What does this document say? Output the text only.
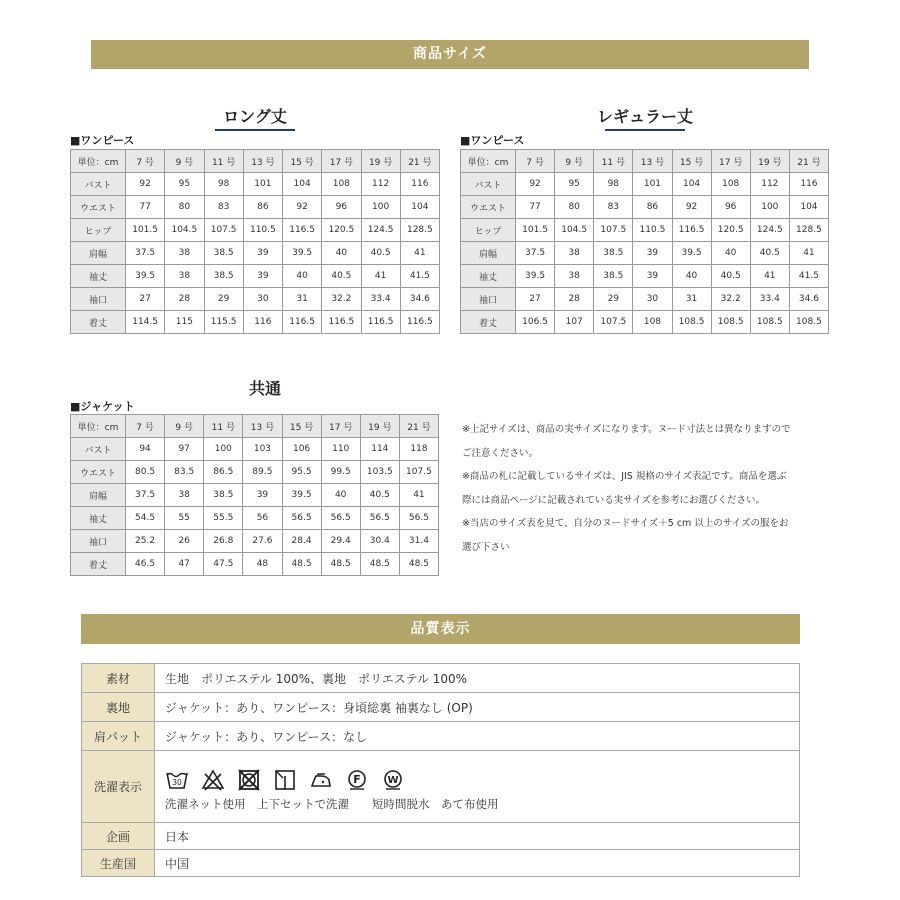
商品サイズ
ロング丈
■ワンピース
単位：cm	7 号	9 号	11 号	13 号	15 号	17 号	19 号	21 号
バスト	92	95	98	101	104	108	112	116
ウエスト	77	80	83	86	92	96	100	104
ヒップ	101.5	104.5	107.5	110.5	116.5	120.5	124.5	128.5
肩幅	37.5	38	38.5	39	39.5	40	40.5	41
袖丈	39.5	38	38.5	39	40	40.5	41	41.5
袖口	27	28	29	30	31	32.2	33.4	34.6
着丈	114.5	115	115.5	116	116.5	116.5	116.5	116.5
レギュラー丈
■ワンピース
単位：cm	7 号	9 号	11 号	13 号	15 号	17 号	19 号	21 号
バスト	92	95	98	101	104	108	112	116
ウエスト	77	80	83	86	92	96	100	104
ヒップ	101.5	104.5	107.5	110.5	116.5	120.5	124.5	128.5
肩幅	37.5	38	38.5	39	39.5	40	40.5	41
袖丈	39.5	38	38.5	39	40	40.5	41	41.5
袖口	27	28	29	30	31	32.2	33.4	34.6
着丈	106.5	107	107.5	108	108.5	108.5	108.5	108.5
共通
■ジャケット
単位：cm	7 号	9 号	11 号	13 号	15 号	17 号	19 号	21 号
バスト	94	97	100	103	106	110	114	118
ウエスト	80.5	83.5	86.5	89.5	95.5	99.5	103.5	107.5
肩幅	37.5	38	38.5	39	39.5	40	40.5	41
袖丈	54.5	55	55.5	56	56.5	56.5	56.5	56.5
袖口	25.2	26	26.8	27.6	28.4	29.4	30.4	31.4
着丈	46.5	47	47.5	48	48.5	48.5	48.5	48.5
※上記サイズは、商品の実サイズになります。ヌード寸法とは異なりますので
ご注意ください。
※商品の札に記載しているサイズは、JIS 規格のサイズ表記です。商品を選ぶ
際には商品ページに記載されている実サイズを参考にお選びください。
※当店のサイズ表を見て、自分のヌードサイズ＋5 cm 以上のサイズの服をお
選び下さい
品質表示
素材	生地　ポリエステル 100%、裏地　ポリエステル 100%
裏地	ジャケット：あり、ワンピース：身頃総裏 袖裏なし (OP)
肩パット	ジャケット：あり、ワンピース：なし
洗濯表示	30 F W
洗濯ネット使用　上下セットで洗濯　　短時間脱水　あて布使用

企画	日本
生産国	中国
